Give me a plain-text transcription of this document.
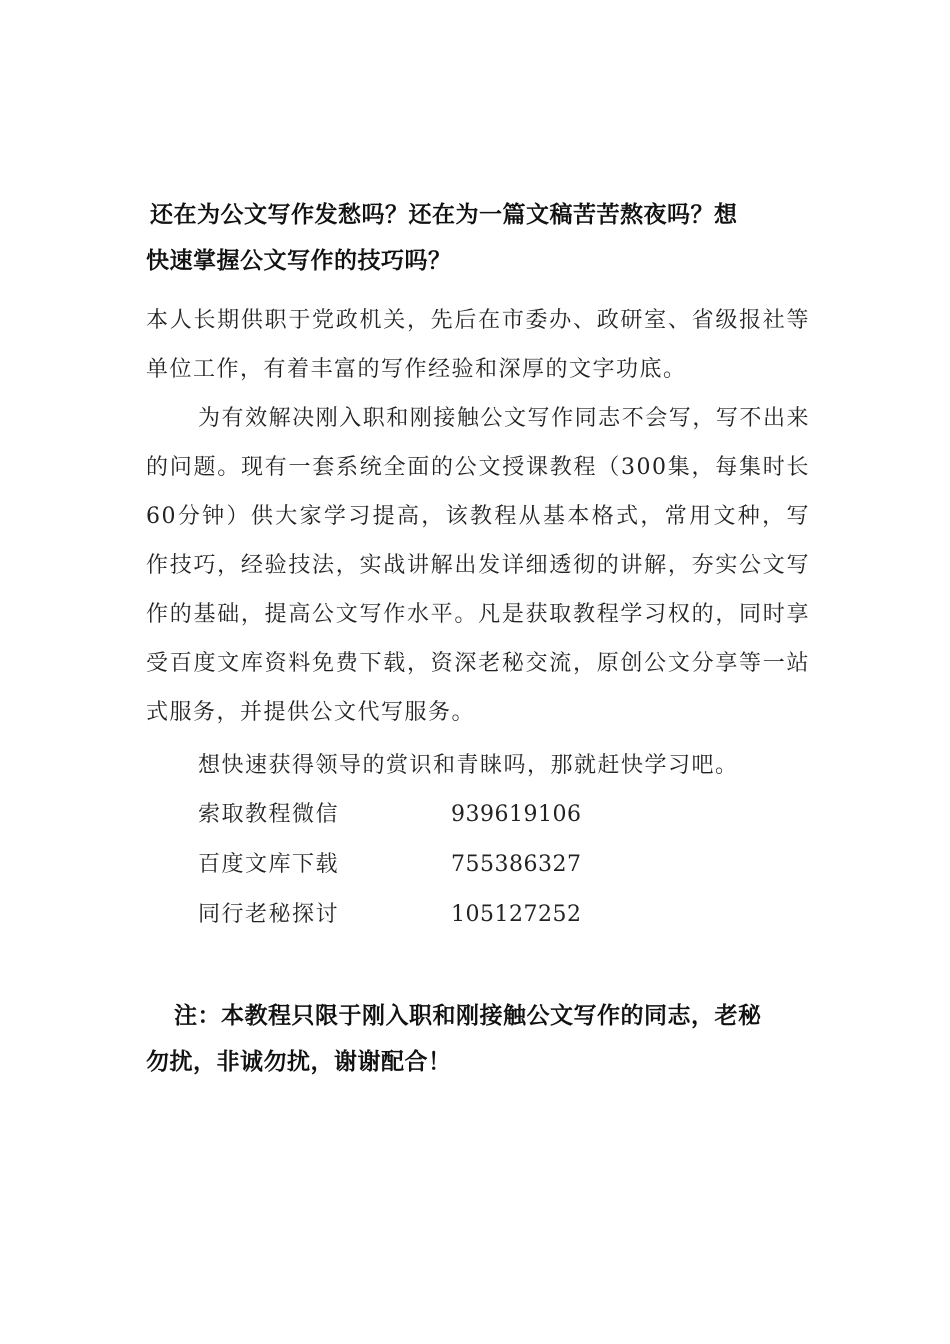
还在为公文写作发愁吗？还在为一篇文稿苦苦熬夜吗？想
快速掌握公文写作的技巧吗？
本人长期供职于党政机关，先后在市委办、政研室、省级报社等单位工作，有着丰富的写作经验和深厚的文字功底。
为有效解决刚入职和刚接触公文写作同志不会写，写不出来的问题。现有一套系统全面的公文授课教程（300集，每集时长60分钟）供大家学习提高，该教程从基本格式，常用文种，写作技巧，经验技法，实战讲解出发详细透彻的讲解，夯实公文写作的基础，提高公文写作水平。凡是获取教程学习权的，同时享受百度文库资料免费下载，资深老秘交流，原创公文分享等一站式服务，并提供公文代写服务。
想快速获得领导的赏识和青睐吗，那就赶快学习吧。
索取教程微信	939619106
百度文库下载	755386327
同行老秘探讨	105127252
注：本教程只限于刚入职和刚接触公文写作的同志，老秘
勿扰，非诚勿扰，谢谢配合！
